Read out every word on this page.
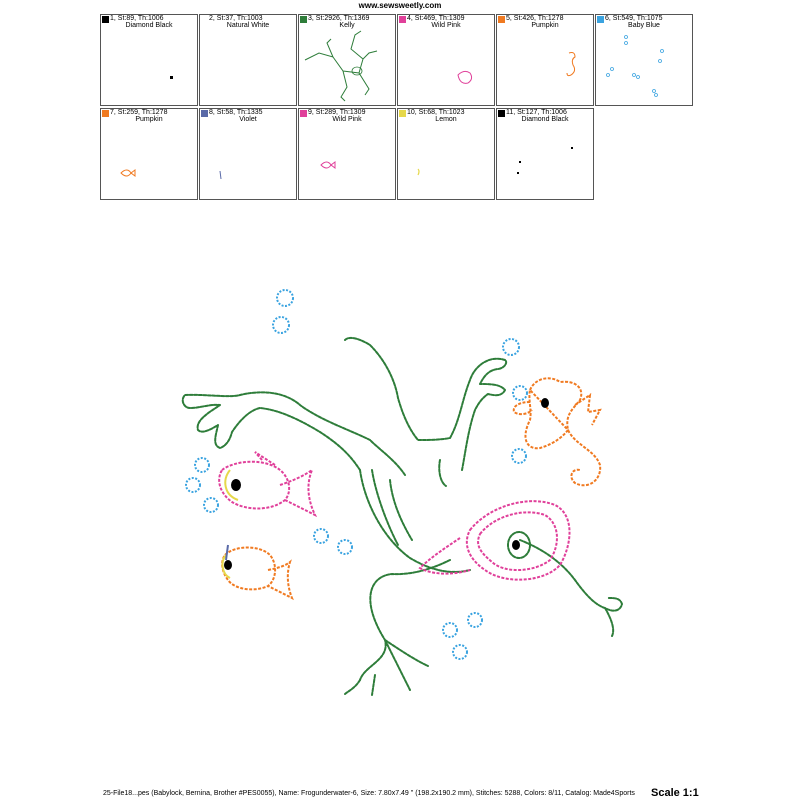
www.sewsweetly.com
1, St:89, Th:1006
Diamond Black
2, St:37, Th:1003
Natural White
3, St:2926, Th:1369
Kelly
4, St:469, Th:1309
Wild Pink
5, St:426, Th:1278
Pumpkin
6, St:549, Th:1075
Baby Blue
7, St:259, Th:1278
Pumpkin
8, St:58, Th:1335
Violet
9, St:289, Th:1309
Wild Pink
10, St:68, Th:1023
Lemon
11, St:127, Th:1006
Diamond Black
25-File18...pes (Babylock, Bernina, Brother #PES0055), Name: Frogunderwater-6, Size: 7.80x7.49 " (198.2x190.2 mm), Stitches: 5288, Colors: 8/11, Catalog: Made4Sports	Scale 1:1
